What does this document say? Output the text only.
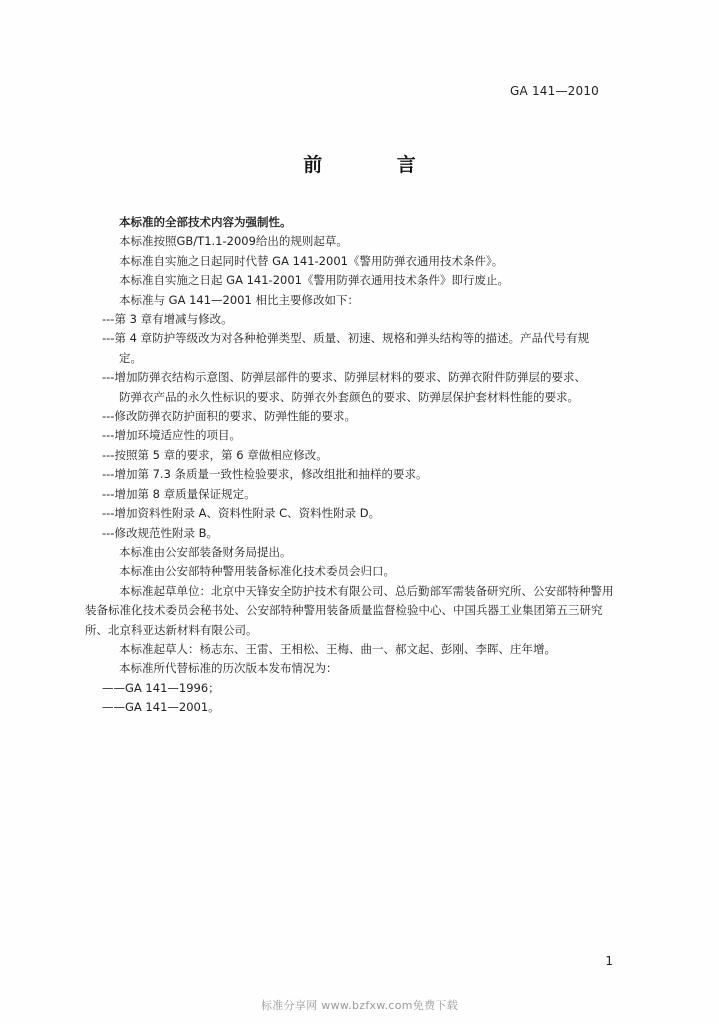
GA 141—2010
前 言
本标准的全部技术内容为强制性。
本标准按照GB/T1.1-2009给出的规则起草。
本标准自实施之日起同时代替 GA 141-2001《警用防弹衣通用技术条件》。
本标准自实施之日起 GA 141-2001《警用防弹衣通用技术条件》即行废止。
本标准与 GA 141—2001 相比主要修改如下：
---第 3 章有增减与修改。
---第 4 章防护等级改为对各种枪弹类型、质量、初速、规格和弹头结构等的描述。产品代号有规
定。
---增加防弹衣结构示意图、防弹层部件的要求、防弹层材料的要求、防弹衣附件防弹层的要求、
防弹衣产品的永久性标识的要求、防弹衣外套颜色的要求、防弹层保护套材料性能的要求。
---修改防弹衣防护面积的要求、防弹性能的要求。
---增加环境适应性的项目。
---按照第 5 章的要求，第 6 章做相应修改。
---增加第 7.3 条质量一致性检验要求，修改组批和抽样的要求。
---增加第 8 章质量保证规定。
---增加资料性附录 A、资料性附录 C、资料性附录 D。
---修改规范性附录 B。
本标准由公安部装备财务局提出。
本标准由公安部特种警用装备标准化技术委员会归口。
本标准起草单位：北京中天锋安全防护技术有限公司、总后勤部军需装备研究所、公安部特种警用
装备标准化技术委员会秘书处、公安部特种警用装备质量监督检验中心、中国兵器工业集团第五三研究
所、北京科亚达新材料有限公司。
本标准起草人：杨志东、王雷、王相松、王梅、曲一、郝文起、彭刚、李晖、庄年增。
本标准所代替标准的历次版本发布情况为：
——GA 141—1996；
——GA 141—2001。
1
标准分享网 www.bzfxw.com免费下载
